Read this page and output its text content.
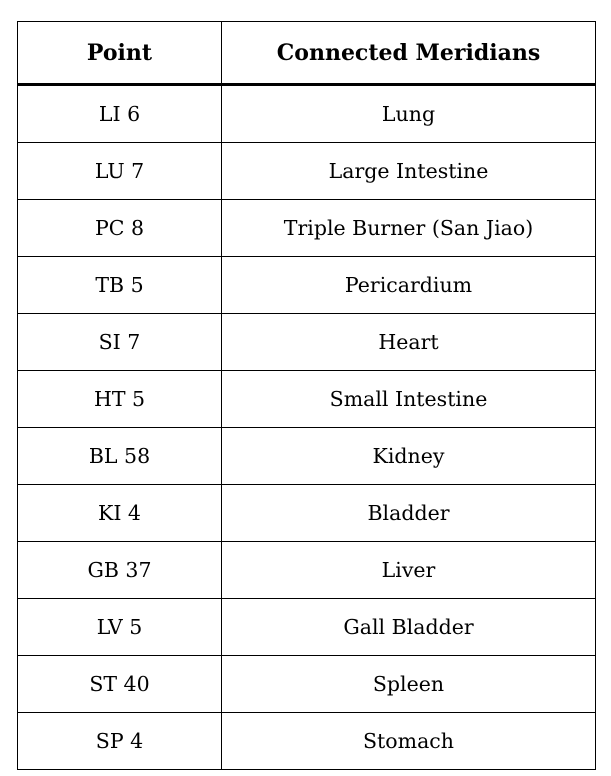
Point	Connected Meridians
LI 6	Lung
LU 7	Large Intestine
PC 8	Triple Burner (San Jiao)
TB 5	Pericardium
SI 7	Heart
HT 5	Small Intestine
BL 58	Kidney
KI 4	Bladder
GB 37	Liver
LV 5	Gall Bladder
ST 40	Spleen
SP 4	Stomach
